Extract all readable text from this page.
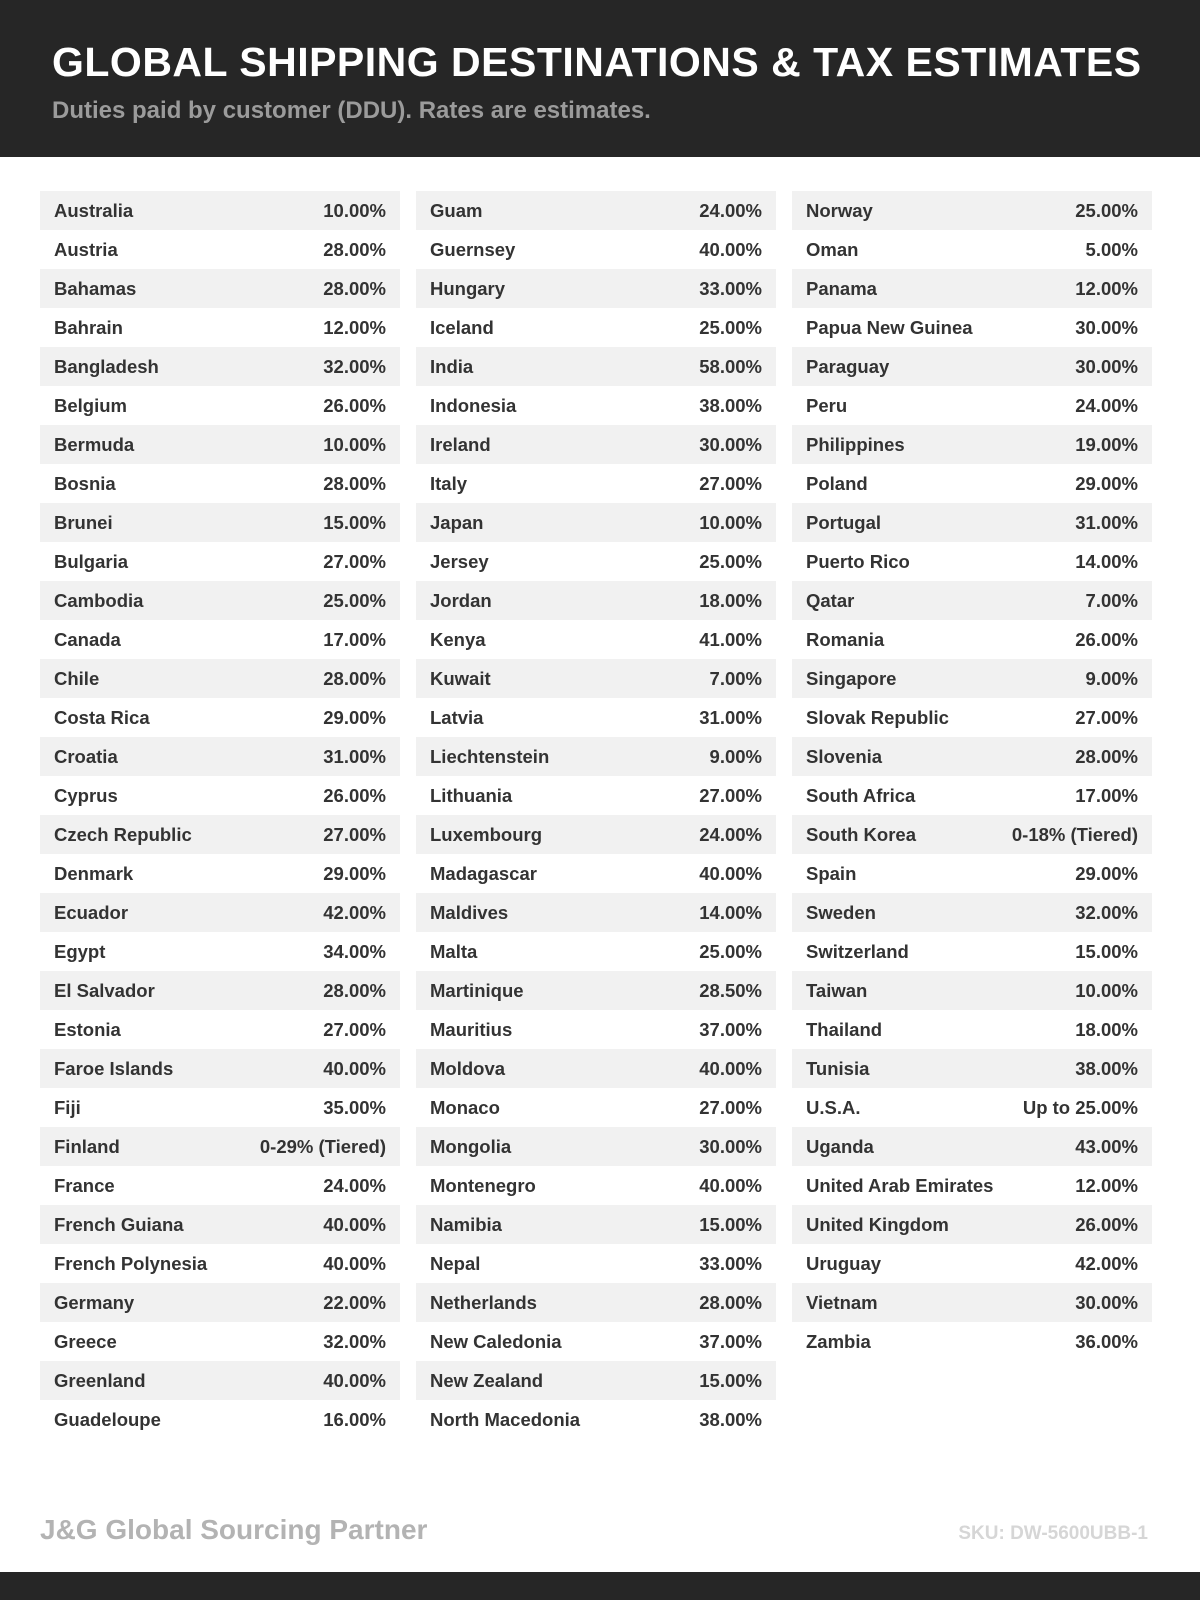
GLOBAL SHIPPING DESTINATIONS & TAX ESTIMATES

Duties paid by customer (DDU). Rates are estimates.

Australia	10.00%
Austria	28.00%
Bahamas	28.00%
Bahrain	12.00%
Bangladesh	32.00%
Belgium	26.00%
Bermuda	10.00%
Bosnia	28.00%
Brunei	15.00%
Bulgaria	27.00%
Cambodia	25.00%
Canada	17.00%
Chile	28.00%
Costa Rica	29.00%
Croatia	31.00%
Cyprus	26.00%
Czech Republic	27.00%
Denmark	29.00%
Ecuador	42.00%
Egypt	34.00%
El Salvador	28.00%
Estonia	27.00%
Faroe Islands	40.00%
Fiji	35.00%
Finland	0-29% (Tiered)
France	24.00%
French Guiana	40.00%
French Polynesia	40.00%
Germany	22.00%
Greece	32.00%
Greenland	40.00%
Guadeloupe	16.00%
Guam	24.00%
Guernsey	40.00%
Hungary	33.00%
Iceland	25.00%
India	58.00%
Indonesia	38.00%
Ireland	30.00%
Italy	27.00%
Japan	10.00%
Jersey	25.00%
Jordan	18.00%
Kenya	41.00%
Kuwait	7.00%
Latvia	31.00%
Liechtenstein	9.00%
Lithuania	27.00%
Luxembourg	24.00%
Madagascar	40.00%
Maldives	14.00%
Malta	25.00%
Martinique	28.50%
Mauritius	37.00%
Moldova	40.00%
Monaco	27.00%
Mongolia	30.00%
Montenegro	40.00%
Namibia	15.00%
Nepal	33.00%
Netherlands	28.00%
New Caledonia	37.00%
New Zealand	15.00%
North Macedonia	38.00%
Norway	25.00%
Oman	5.00%
Panama	12.00%
Papua New Guinea	30.00%
Paraguay	30.00%
Peru	24.00%
Philippines	19.00%
Poland	29.00%
Portugal	31.00%
Puerto Rico	14.00%
Qatar	7.00%
Romania	26.00%
Singapore	9.00%
Slovak Republic	27.00%
Slovenia	28.00%
South Africa	17.00%
South Korea	0-18% (Tiered)
Spain	29.00%
Sweden	32.00%
Switzerland	15.00%
Taiwan	10.00%
Thailand	18.00%
Tunisia	38.00%
U.S.A.	Up to 25.00%
Uganda	43.00%
United Arab Emirates	12.00%
United Kingdom	26.00%
Uruguay	42.00%
Vietnam	30.00%
Zambia	36.00%
J&G Global Sourcing Partner	SKU: DW-5600UBB-1
